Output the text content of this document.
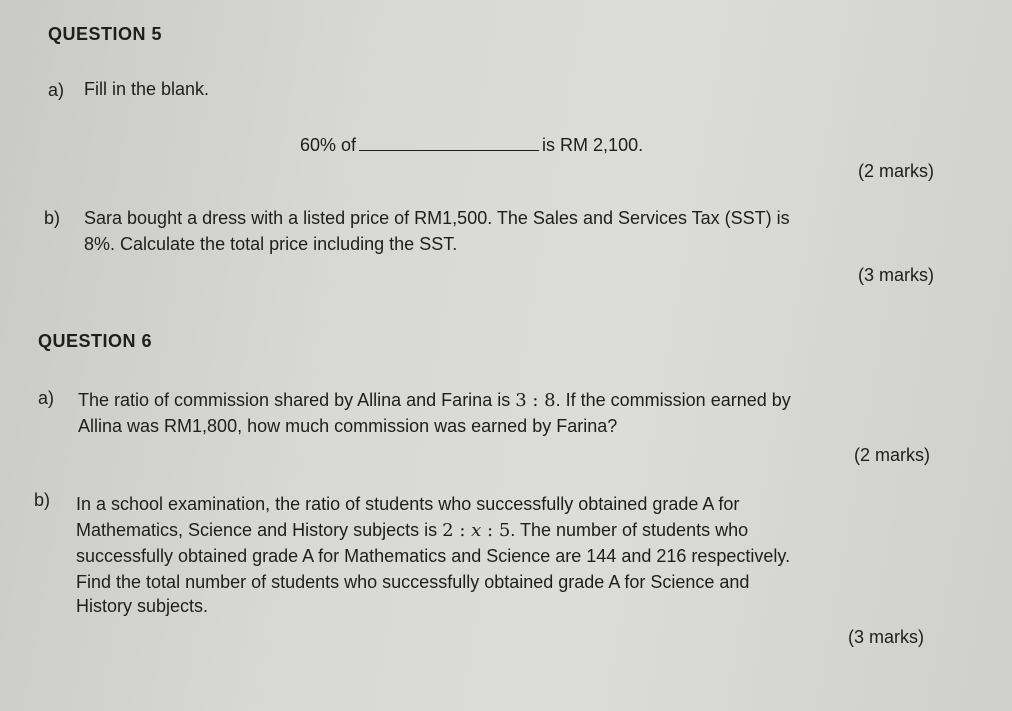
QUESTION 5
a) Fill in the blank.
60% of	is RM 2,100.
(2 marks)
b) Sara bought a dress with a listed price of RM1,500. The Sales and Services Tax (SST) is
8%. Calculate the total price including the SST.
(3 marks)
QUESTION 6
a) The ratio of commission shared by Allina and Farina is 3 : 8. If the commission earned by
Allina was RM1,800, how much commission was earned by Farina?
(2 marks)
b) In a school examination, the ratio of students who successfully obtained grade A for
Mathematics, Science and History subjects is 2 : x : 5. The number of students who
successfully obtained grade A for Mathematics and Science are 144 and 216 respectively.
Find the total number of students who successfully obtained grade A for Science and
History subjects.
(3 marks)
